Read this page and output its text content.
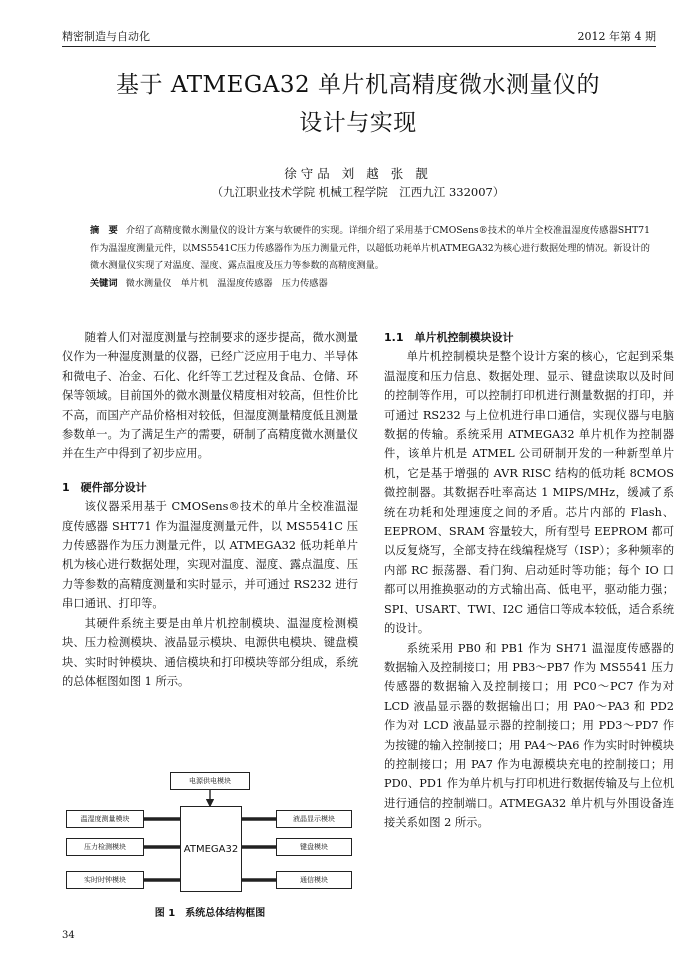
精密制造与自动化	2012 年第 4 期
基于 ATMEGA32 单片机高精度微水测量仪的
设计与实现
徐守品 刘 越 张 靓
（九江职业技术学院 机械工程学院　江西九江 332007）

摘　要 介绍了高精度微水测量仪的设计方案与软硬件的实现。详细介绍了采用基于CMOSens®技术的单片全校准温湿度传感器SHT71作为温湿度测量元件，以MS5541C压力传感器作为压力测量元件，以超低功耗单片机ATMEGA32为核心进行数据处理的情况。新设计的微水测量仪实现了对温度、湿度、露点温度及压力等参数的高精度测量。

关键词 微水测量仪　单片机　温湿度传感器　压力传感器

随着人们对湿度测量与控制要求的逐步提高，微水测量仪作为一种湿度测量的仪器，已经广泛应用于电力、半导体和微电子、冶金、石化、化纤等工艺过程及食品、仓储、环保等领域。目前国外的微水测量仪精度相对较高，但性价比不高，而国产产品价格相对较低，但湿度测量精度低且测量参数单一。为了满足生产的需要，研制了高精度微水测量仪并在生产中得到了初步应用。

1　硬件部分设计

该仪器采用基于 CMOSens®技术的单片全校准温湿度传感器 SHT71 作为温湿度测量元件，以 MS5541C 压力传感器作为压力测量元件，以 ATMEGA32 低功耗单片机为核心进行数据处理，实现对温度、湿度、露点温度、压力等参数的高精度测量和实时显示，并可通过 RS232 进行串口通讯、打印等。

其硬件系统主要是由单片机控制模块、温湿度检测模块、压力检测模块、液晶显示模块、电源供电模块、键盘模块、实时时钟模块、通信模块和打印模块等部分组成，系统的总体框图如图 1 所示。

电源供电模块
ATMEGA32
温湿度测量模块
压力检测模块
实时时钟模块
液晶显示模块
键盘模块
通信模块
图 1　系统总体结构框图

1.1　单片机控制模块设计

单片机控制模块是整个设计方案的核心，它起到采集温湿度和压力信息、数据处理、显示、键盘读取以及时间的控制等作用，可以控制打印机进行测量数据的打印，并可通过 RS232 与上位机进行串口通信，实现仪器与电脑数据的传输。系统采用 ATMEGA32 单片机作为控制器件，该单片机是 ATMEL 公司研制开发的一种新型单片机，它是基于增强的 AVR RISC 结构的低功耗 8CMOS 微控制器。其数据吞吐率高达 1 MIPS/MHz，缓减了系统在功耗和处理速度之间的矛盾。芯片内部的 Flash、EEPROM、SRAM 容量较大，所有型号 EEPROM 都可以反复烧写，全部支持在线编程烧写（ISP）；多种频率的内部 RC 振荡器、看门狗、启动延时等功能；每个 IO 口都可以用推换驱动的方式输出高、低电平，驱动能力强；SPI、USART、TWI、I2C 通信口等成本较低，适合系统的设计。

系统采用 PB0 和 PB1 作为 SH71 温湿度传感器的数据输入及控制接口；用 PB3～PB7 作为 MS5541 压力传感器的数据输入及控制接口；用 PC0～PC7 作为对 LCD 液晶显示器的数据输出口；用 PA0～PA3 和 PD2 作为对 LCD 液晶显示器的控制接口；用 PD3～PD7 作为按键的输入控制接口；用 PA4～PA6 作为实时时钟模块的控制接口；用 PA7 作为电源模块充电的控制接口；用 PD0、PD1 作为单片机与打印机进行数据传输及与上位机进行通信的控制端口。ATMEGA32 单片机与外围设备连接关系如图 2 所示。

34
